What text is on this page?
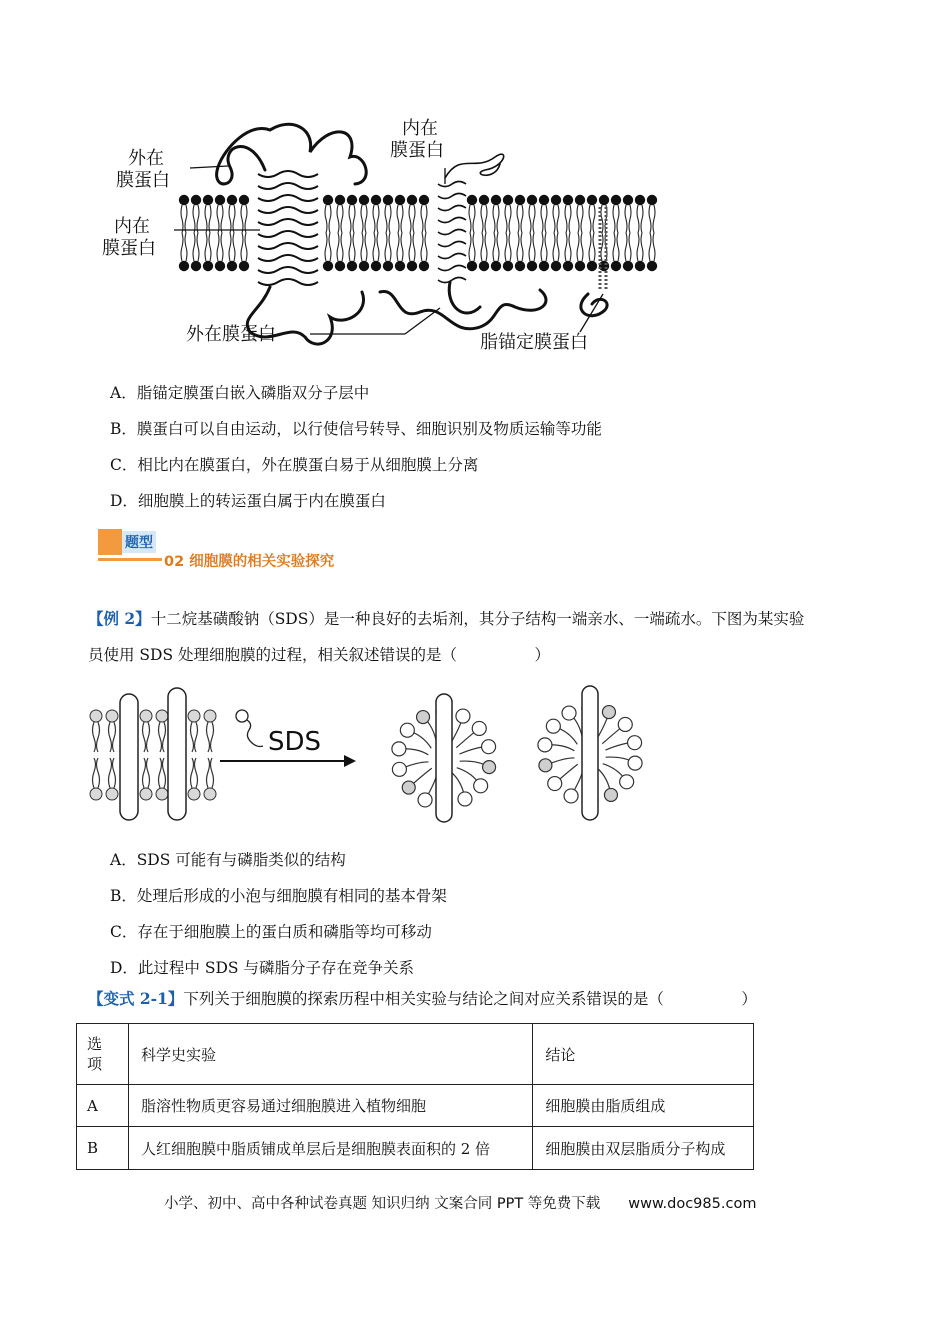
外在
膜蛋白
内在
膜蛋白
内在
膜蛋白
外在膜蛋白	脂锚定膜蛋白
A．脂锚定膜蛋白嵌入磷脂双分子层中
B．膜蛋白可以自由运动，以行使信号转导、细胞识别及物质运输等功能
C．相比内在膜蛋白，外在膜蛋白易于从细胞膜上分离
D．细胞膜上的转运蛋白属于内在膜蛋白
题型
02 细胞膜的相关实验探究
【例 2】十二烷基磺酸钠（SDS）是一种良好的去垢剂，其分子结构一端亲水、一端疏水。下图为某实验
员使用 SDS 处理细胞膜的过程，相关叙述错误的是（　　　　　）
SDS
A．SDS 可能有与磷脂类似的结构
B．处理后形成的小泡与细胞膜有相同的基本骨架
C．存在于细胞膜上的蛋白质和磷脂等均可移动
D．此过程中 SDS 与磷脂分子存在竞争关系
【变式 2-1】下列关于细胞膜的探索历程中相关实验与结论之间对应关系错误的是（　　　　　）
选
项	科学史实验	结论
A	脂溶性物质更容易通过细胞膜进入植物细胞	细胞膜由脂质组成
B	人红细胞膜中脂质铺成单层后是细胞膜表面积的 2 倍	细胞膜由双层脂质分子构成
小学、初中、高中各种试卷真题 知识归纳 文案合同 PPT 等免费下载 www.doc985.com
